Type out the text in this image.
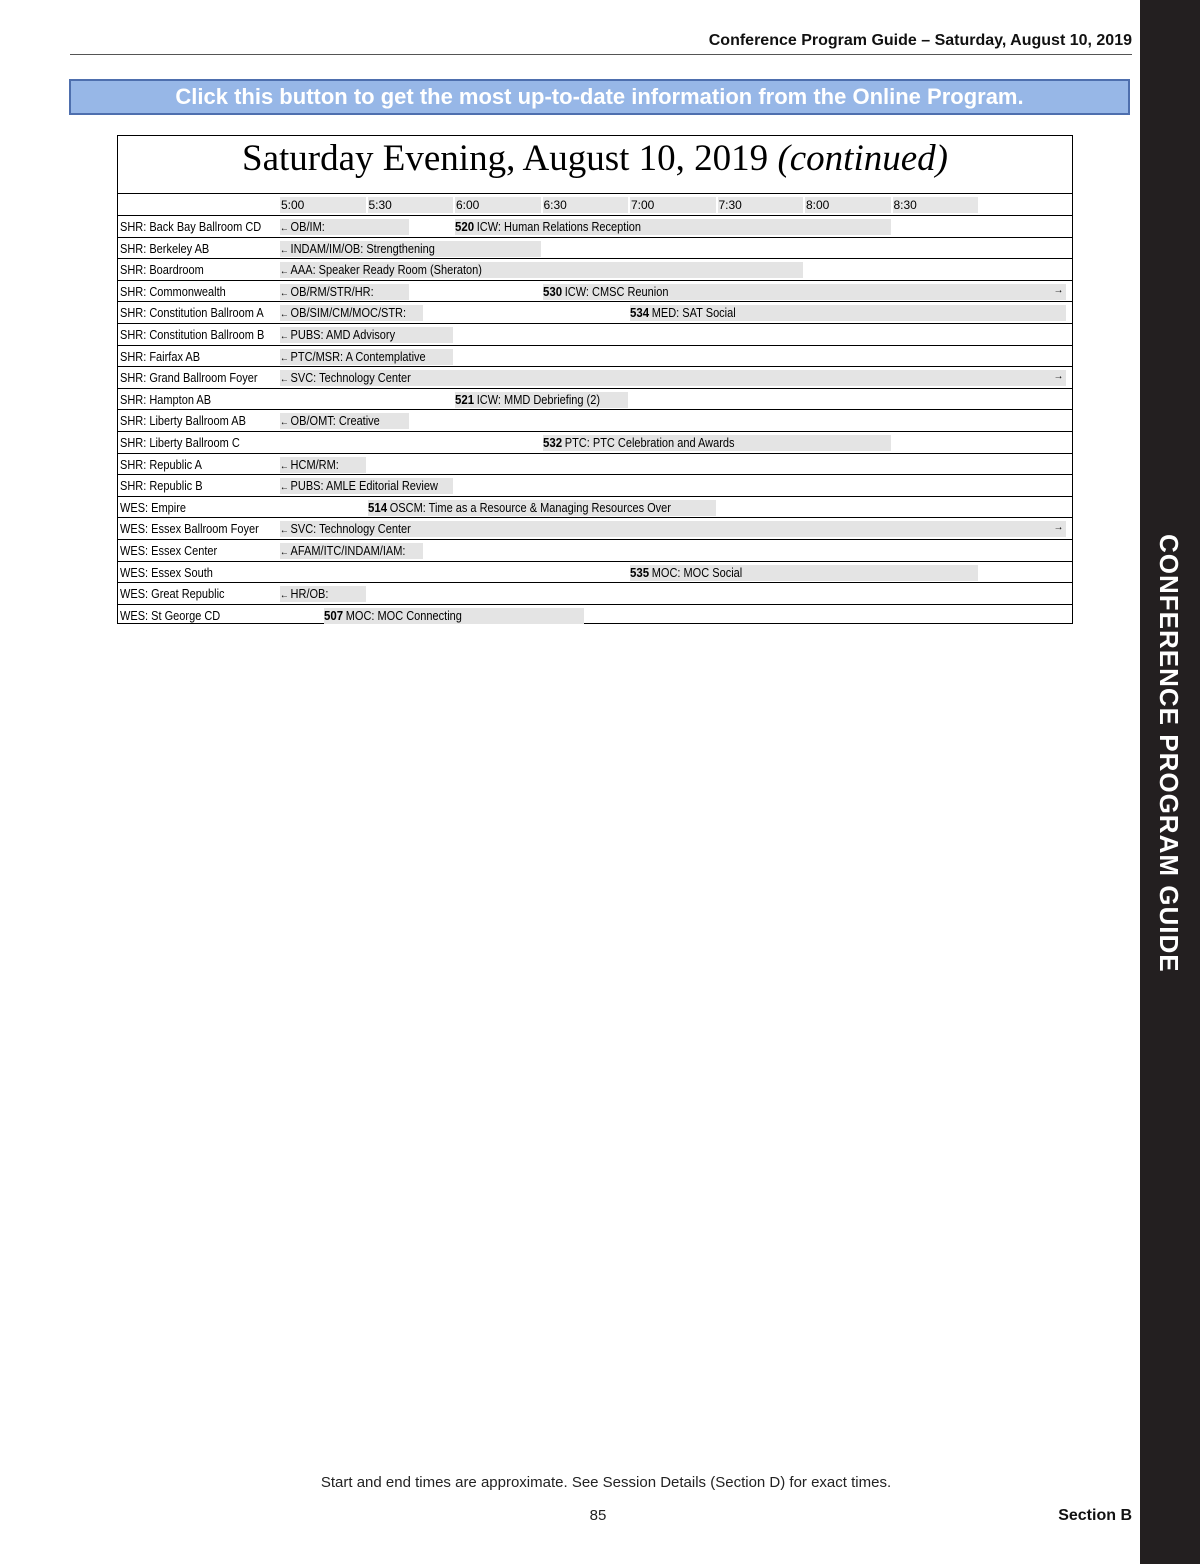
Conference Program Guide – Saturday, August 10, 2019
Click this button to get the most up-to-date information from the Online Program.
CONFERENCE PROGRAM GUIDE
Saturday Evening, August 10, 2019 (continued)
5:00	5:30	6:00	6:30	7:00	7:30	8:00	8:30
SHR: Back Bay Ballroom CD ← OB/IM:	520 ICW: Human Relations Reception
SHR: Berkeley AB	← INDAM/IM/OB: Strengthening
SHR: Boardroom	← AAA: Speaker Ready Room (Sheraton)
SHR: Commonwealth	← OB/RM/STR/HR:	530 ICW: CMSC Reunion	→
SHR: Constitution Ballroom A ← OB/SIM/CM/MOC/STR:	534 MED: SAT Social
SHR: Constitution Ballroom B ← PUBS: AMD Advisory
SHR: Fairfax AB	← PTC/MSR: A Contemplative
SHR: Grand Ballroom Foyer ← SVC: Technology Center	→
SHR: Hampton AB	521 ICW: MMD Debriefing (2)
SHR: Liberty Ballroom AB	← OB/OMT: Creative
SHR: Liberty Ballroom C	532 PTC: PTC Celebration and Awards
SHR: Republic A	← HCM/RM:
SHR: Republic B	← PUBS: AMLE Editorial Review
WES: Empire	514 OSCM: Time as a Resource & Managing Resources Over
WES: Essex Ballroom Foyer ← SVC: Technology Center	→
WES: Essex Center	← AFAM/ITC/INDAM/IAM:
WES: Essex South	535 MOC: MOC Social
WES: Great Republic	← HR/OB:
WES: St George CD	507 MOC: MOC Connecting
Start and end times are approximate. See Session Details (Section D) for exact times.
85	Section B
